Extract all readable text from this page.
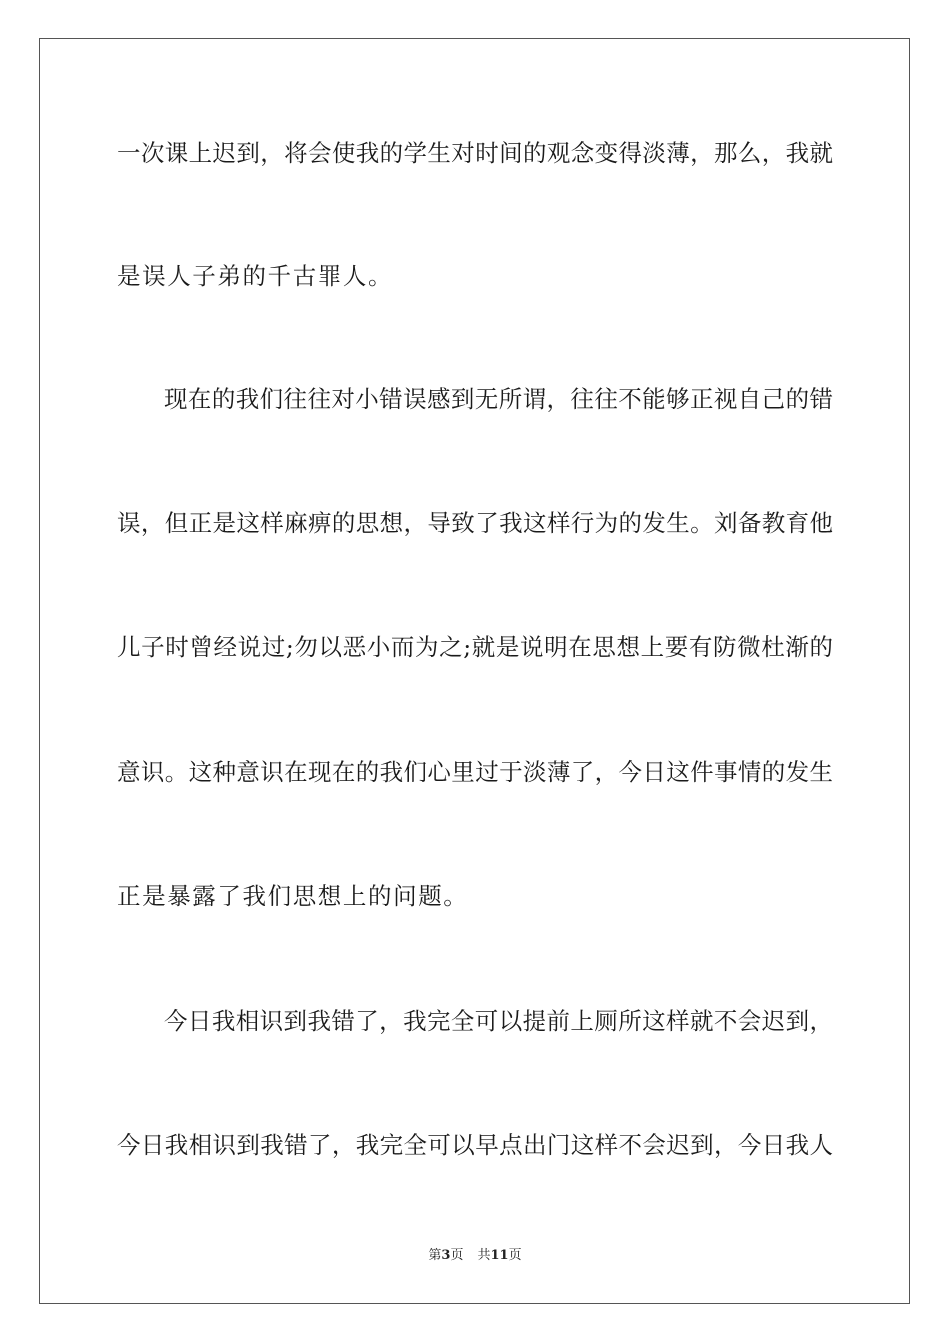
一次课上迟到，将会使我的学生对时间的观念变得淡薄，那么，我就
是误人子弟的千古罪人。
现在的我们往往对小错误感到无所谓，往往不能够正视自己的错
误，但正是这样麻痹的思想，导致了我这样行为的发生。刘备教育他
儿子时曾经说过;勿以恶小而为之;就是说明在思想上要有防微杜渐的
意识。这种意识在现在的我们心里过于淡薄了，今日这件事情的发生
正是暴露了我们思想上的问题。
今日我相识到我错了，我完全可以提前上厕所这样就不会迟到，
今日我相识到我错了，我完全可以早点出门这样不会迟到，今日我人
第3页 共11页
